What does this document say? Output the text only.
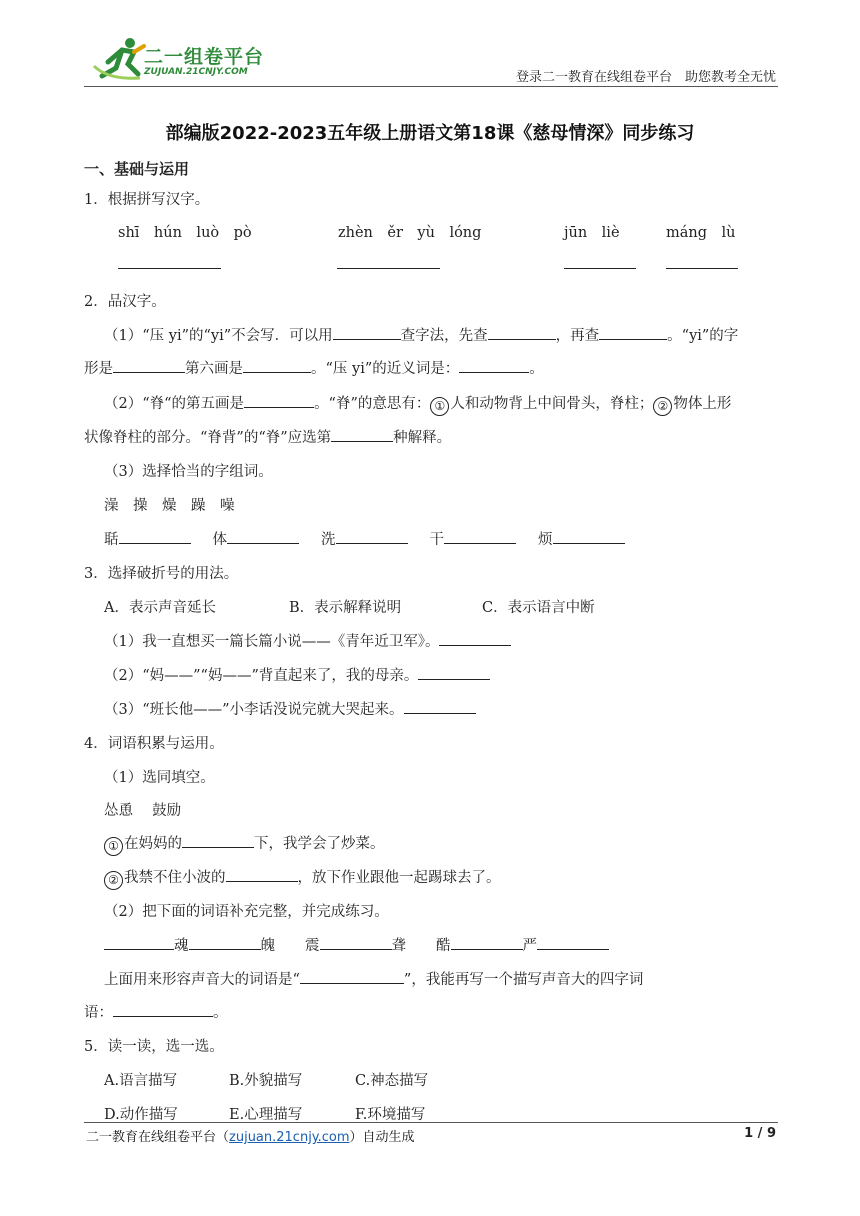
二一组卷平台
ZUJUAN.21CNJY.COM	登录二一教育在线组卷平台　助您教考全无忧
部编版2022-2023五年级上册语文第18课《慈母情深》同步练习
一、基础与运用
1．根据拼写汉字。
shī　hún　luò　pò	zhèn　ěr　yù　lóng	jūn　liè	máng　lù
2．品汉字。
（1）“压 yi”的“yi”不会写．可以用	查字法，先查	，再查	。“yi”的字
形是	第六画是	。“压 yi”的近义词是：	。
（2）“脊“的第五画是	。“脊”的意思有： ① 人和动物背上中间骨头，脊柱； ② 物体上形
状像脊柱的部分。“脊背”的“脊”应选第	种解释。
（3）选择恰当的字组词。
澡　操　燥　躁　噪
聒	体	洗	干	烦
3．选择破折号的用法。
A．表示声音延长	B．表示解释说明	C．表示语言中断
（1）我一直想买一篇长篇小说——《青年近卫军》。
（2）“妈——”“妈——”背直起来了，我的母亲。
（3）“班长他——”小李话没说完就大哭起来。
4．词语积累与运用。
（1）选同填空。
怂恿　 鼓励
① 在妈妈的	下，我学会了炒菜。
② 我禁不住小波的	，放下作业跟他一起踢球去了。
（2）把下面的词语补充完整，并完成练习。
魂	魄 震	聋 酷	严
上面用来形容声音大的词语是“	”，我能再写一个描写声音大的四字词
语：	。
5．读一读，选一选。
A.语言描写	B.外貌描写	C.神态描写
D.动作描写	E.心理描写	F.环境描写
二一教育在线组卷平台（zujuan.21cnjy.com）自动生成	1 / 9
